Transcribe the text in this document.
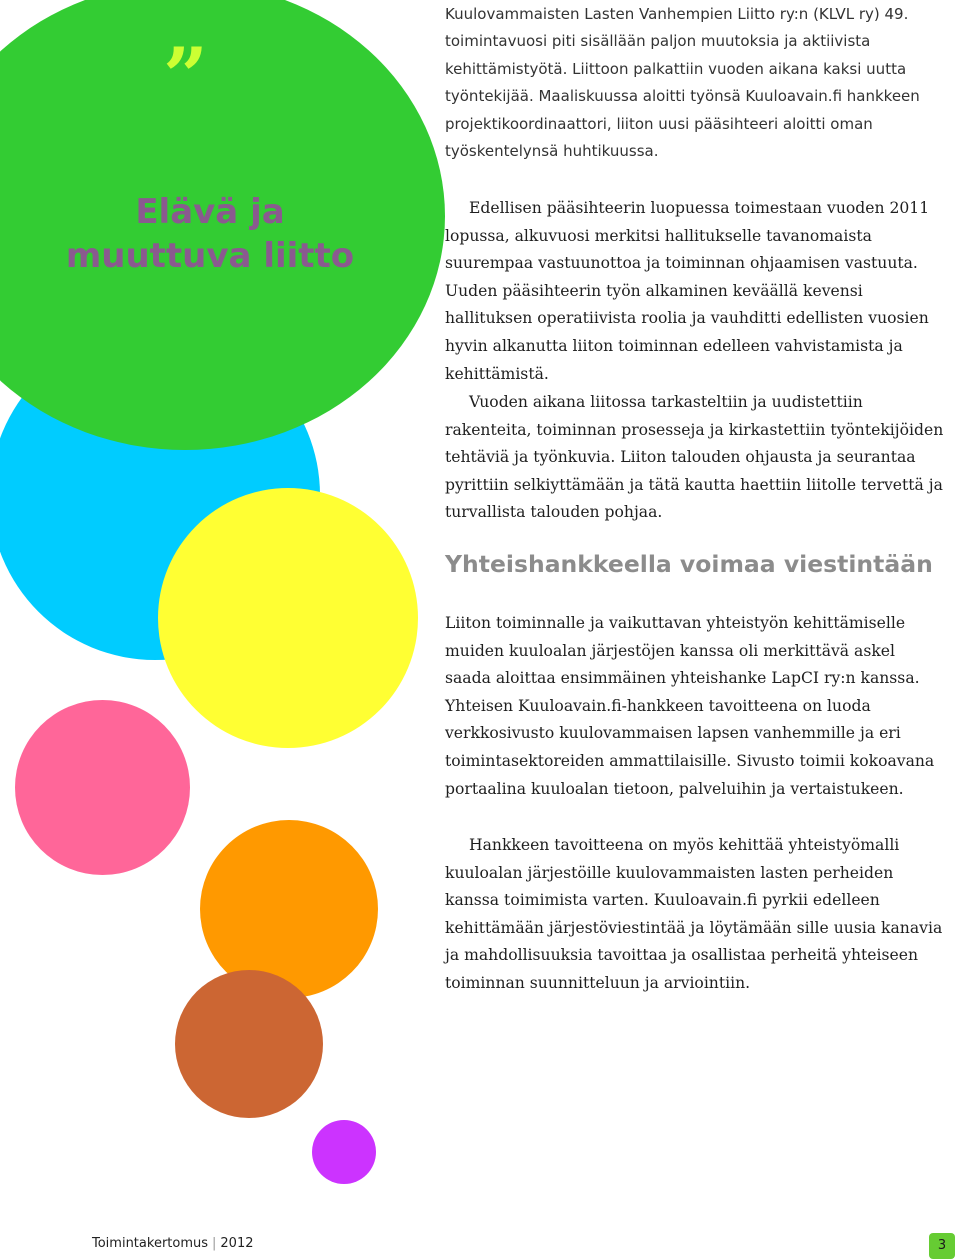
”
Elävä ja
muuttuva liitto

Kuulovammaisten Lasten Vanhempien Liitto ry:n (KLVL ry) 49. toimintavuosi piti sisällään paljon muutoksia ja aktiivista kehittämistyötä. Liittoon palkattiin vuoden aikana kaksi uutta työntekijää. Maaliskuussa aloitti työnsä Kuuloavain.fi hankkeen projektikoordinaattori, liiton uusi pääsihteeri aloitti oman työskentelynsä huhtikuussa.

Edellisen pääsihteerin luopuessa toimestaan vuoden 2011 lopussa, alkuvuosi merkitsi hallitukselle tavanomaista suurempaa vastuunottoa ja toiminnan ohjaamisen vastuuta. Uuden pääsihteerin työn alkaminen keväällä kevensi hallituksen operatiivista roolia ja vauhditti edellisten vuosien hyvin alkanutta liiton toiminnan edelleen vahvistamista ja kehittämistä.

Vuoden aikana liitossa tarkasteltiin ja uudistettiin rakenteita, toiminnan prosesseja ja kirkastettiin työntekijöiden tehtäviä ja työnkuvia. Liiton talouden ohjausta ja seurantaa pyrittiin selkiyttämään ja tätä kautta haettiin liitolle tervettä ja turvallista talouden pohjaa.

Yhteishankkeella voimaa viestintään

Liiton toiminnalle ja vaikuttavan yhteistyön kehittämiselle muiden kuuloalan järjestöjen kanssa oli merkittävä askel saada aloittaa ensimmäinen yhteishanke LapCI ry:n kanssa. Yhteisen Kuuloavain.fi-hankkeen tavoitteena on luoda verkkosivusto kuulovammaisen lapsen vanhemmille ja eri toimintasektoreiden ammattilaisille. Sivusto toimii kokoavana portaalina kuuloalan tietoon, palveluihin ja vertaistukeen.

Hankkeen tavoitteena on myös kehittää yhteistyömalli kuuloalan järjestöille kuulovammaisten lasten perheiden kanssa toimimista varten. Kuuloavain.fi pyrkii edelleen kehittämään järjestöviestintää ja löytämään sille uusia kanavia ja mahdollisuuksia tavoittaa ja osallistaa perheitä yhteiseen toiminnan suunnitteluun ja arviointiin.

Toimintakertomus | 2012	3
